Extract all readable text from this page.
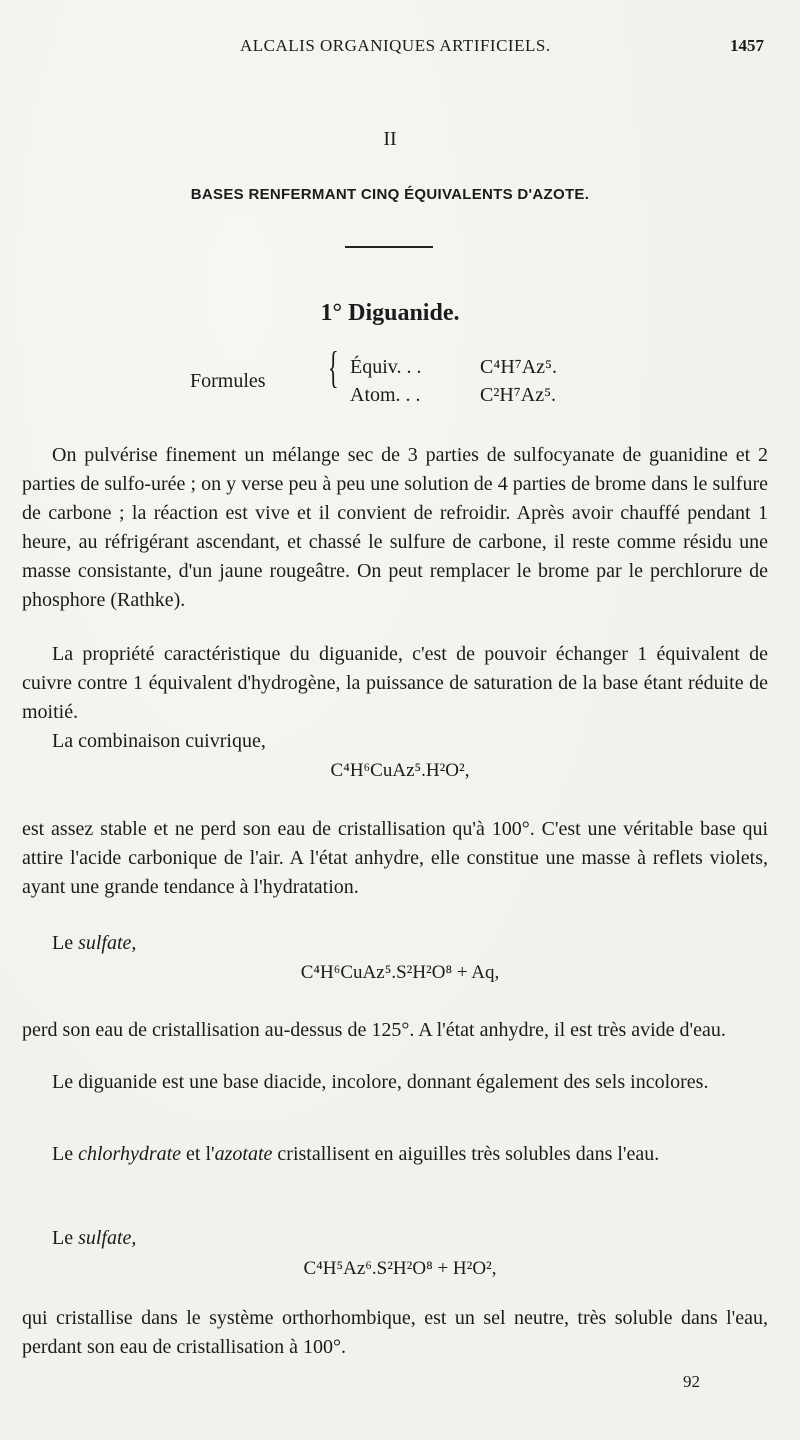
ALCALIS ORGANIQUES ARTIFICIELS.	1457
II
BASES RENFERMANT CINQ ÉQUIVALENTS D'AZOTE.
1° Diguanide.
Formules { Équiv. . .
Atom. . .
C⁴H⁷Az⁵.
C²H⁷Az⁵.

On pulvérise finement un mélange sec de 3 parties de sulfocyanate de guanidine et 2 parties de sulfo-urée ; on y verse peu à peu une solution de 4 parties de brome dans le sulfure de carbone ; la réaction est vive et il convient de refroidir. Après avoir chauffé pendant 1 heure, au réfrigérant ascendant, et chassé le sulfure de carbone, il reste comme résidu une masse consistante, d'un jaune rougeâtre. On peut remplacer le brome par le perchlorure de phosphore (Rathke).

La propriété caractéristique du diguanide, c'est de pouvoir échanger 1 équivalent de cuivre contre 1 équivalent d'hydrogène, la puissance de saturation de la base étant réduite de moitié.

La combinaison cuivrique,

C⁴H⁶CuAz⁵.H²O²,

est assez stable et ne perd son eau de cristallisation qu'à 100°. C'est une véritable base qui attire l'acide carbonique de l'air. A l'état anhydre, elle constitue une masse à reflets violets, ayant une grande tendance à l'hydratation.

Le sulfate,

C⁴H⁶CuAz⁵.S²H²O⁸ + Aq,

perd son eau de cristallisation au-dessus de 125°. A l'état anhydre, il est très avide d'eau.

Le diguanide est une base diacide, incolore, donnant également des sels incolores.

Le chlorhydrate et l'azotate cristallisent en aiguilles très solubles dans l'eau.

Le sulfate,

C⁴H⁵Az⁶.S²H²O⁸ + H²O²,

qui cristallise dans le système orthorhombique, est un sel neutre, très soluble dans l'eau, perdant son eau de cristallisation à 100°.

92
